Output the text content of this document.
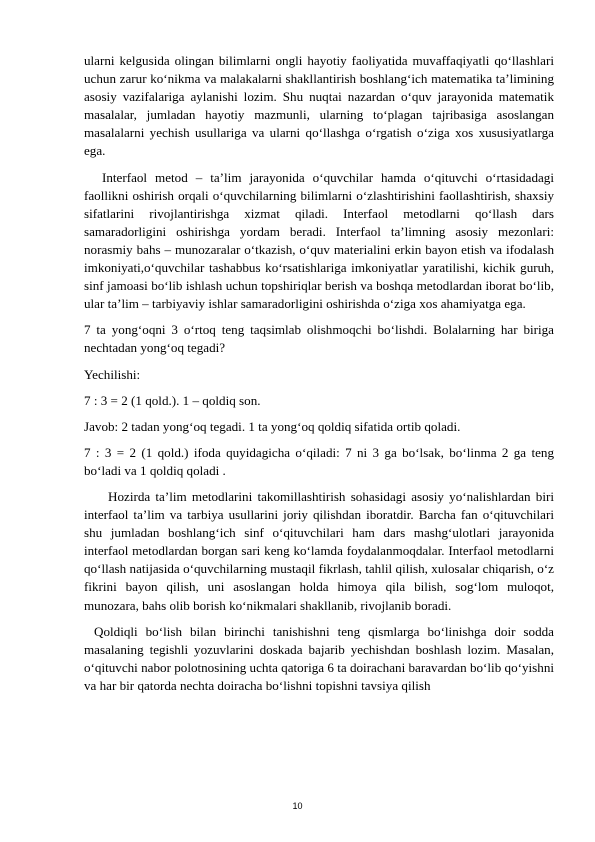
ularni kelgusida olingan bilimlarni ongli hayotiy faoliyatida muvaffaqiyatli qo‘llashlari uchun zarur ko‘nikma va malakalarni shakllantirish boshlang‘ich matematika ta’limining asosiy vazifalariga aylanishi lozim. Shu nuqtai nazardan o‘quv jarayonida matematik masalalar, jumladan hayotiy mazmunli, ularning to‘plagan tajribasiga asoslangan masalalarni yechish usullariga va ularni qo‘llashga o‘rgatish o‘ziga xos xususiyatlarga ega.

Interfaol metod – ta’lim jarayonida o‘quvchilar hamda o‘qituvchi o‘rtasidadagi faollikni oshirish orqali o‘quvchilarning bilimlarni o‘zlashtirishini faollashtirish, shaxsiy sifatlarini rivojlantirishga xizmat qiladi. Interfaol metodlarni qo‘llash dars samaradorligini oshirishga yordam beradi. Interfaol ta’limning asosiy mezonlari: norasmiy bahs – munozaralar o‘tkazish, o‘quv materialini erkin bayon etish va ifodalash imkoniyati,o‘quvchilar tashabbus ko‘rsatishlariga imkoniyatlar yaratilishi, kichik guruh, sinf jamoasi bo‘lib ishlash uchun topshiriqlar berish va boshqa metodlardan iborat bo‘lib, ular ta’lim – tarbiyaviy ishlar samaradorligini oshirishda o‘ziga xos ahamiyatga ega.

7 ta yong‘oqni 3 o‘rtoq teng taqsimlab olishmoqchi bo‘lishdi. Bolalarning har biriga nechtadan yong‘oq tegadi?

Yechilishi:

7 : 3 = 2 (1 qold.). 1 – qoldiq son.

Javob: 2 tadan yong‘oq tegadi. 1 ta yong‘oq qoldiq sifatida ortib qoladi.

7 : 3 = 2 (1 qold.) ifoda quyidagicha o‘qiladi: 7 ni 3 ga bo‘lsak, bo‘linma 2 ga teng bo‘ladi va 1 qoldiq qoladi .

Hozirda ta’lim metodlarini takomillashtirish sohasidagi asosiy yo‘nalishlardan biri interfaol ta’lim va tarbiya usullarini joriy qilishdan iboratdir. Barcha fan o‘qituvchilari shu jumladan boshlang‘ich sinf o‘qituvchilari ham dars mashg‘ulotlari jarayonida interfaol metodlardan borgan sari keng ko‘lamda foydalanmoqdalar. Interfaol metodlarni qo‘llash natijasida o‘quvchilarning mustaqil fikrlash, tahlil qilish, xulosalar chiqarish, o‘z fikrini bayon qilish, uni asoslangan holda himoya qila bilish, sog‘lom muloqot, munozara, bahs olib borish ko‘nikmalari shakllanib, rivojlanib boradi.

Qoldiqli bo‘lish bilan birinchi tanishishni teng qismlarga bo‘linishga doir sodda masalaning tegishli yozuvlarini doskada bajarib yechishdan boshlash lozim. Masalan, o‘qituvchi nabor polotnosining uchta qatoriga 6 ta doirachani baravardan bo‘lib qo‘yishni va har bir qatorda nechta doiracha bo‘lishni topishni tavsiya qilish

10
